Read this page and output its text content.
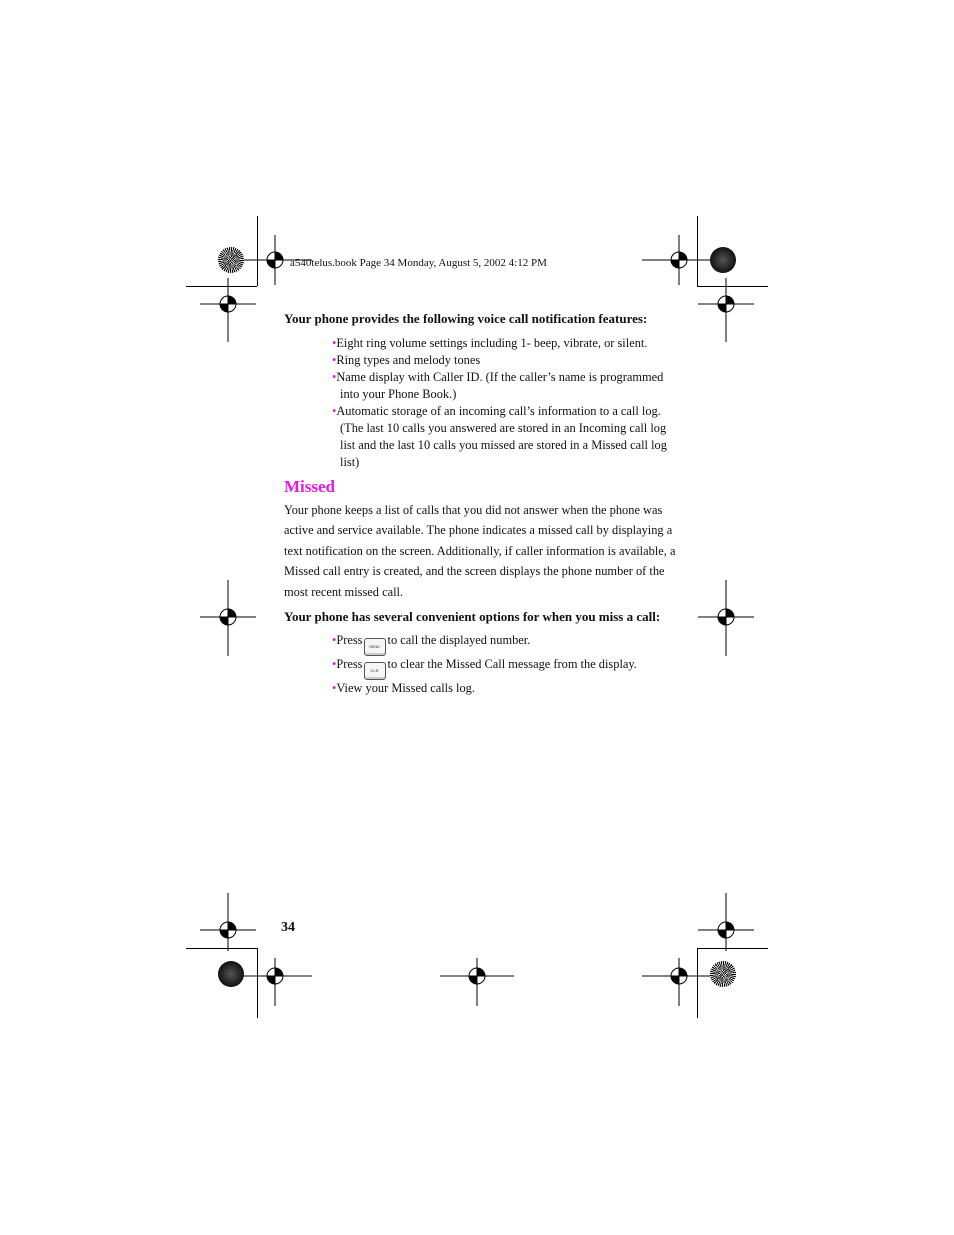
a540telus.book Page 34 Monday, August 5, 2002 4:12 PM
Your phone provides the following voice call notification features:
•Eight ring volume settings including 1- beep, vibrate, or silent.
•Ring types and melody tones
•Name display with Caller ID. (If the caller’s name is programmed
into your Phone Book.)
•Automatic storage of an incoming call’s information to a call log.
(The last 10 calls you answered are stored in an Incoming call log
list and the last 10 calls you missed are stored in a Missed call log
list)
Missed
Your phone keeps a list of calls that you did not answer when the phone was
active and service available. The phone indicates a missed call by displaying a
text notification on the screen. Additionally, if caller information is available, a
Missed call entry is created, and the screen displays the phone number of the
most recent missed call.
Your phone has several convenient options for when you miss a call:
•Press SEND to call the displayed number.
•Press CLR to clear the Missed Call message from the display.
•View your Missed calls log.
34
